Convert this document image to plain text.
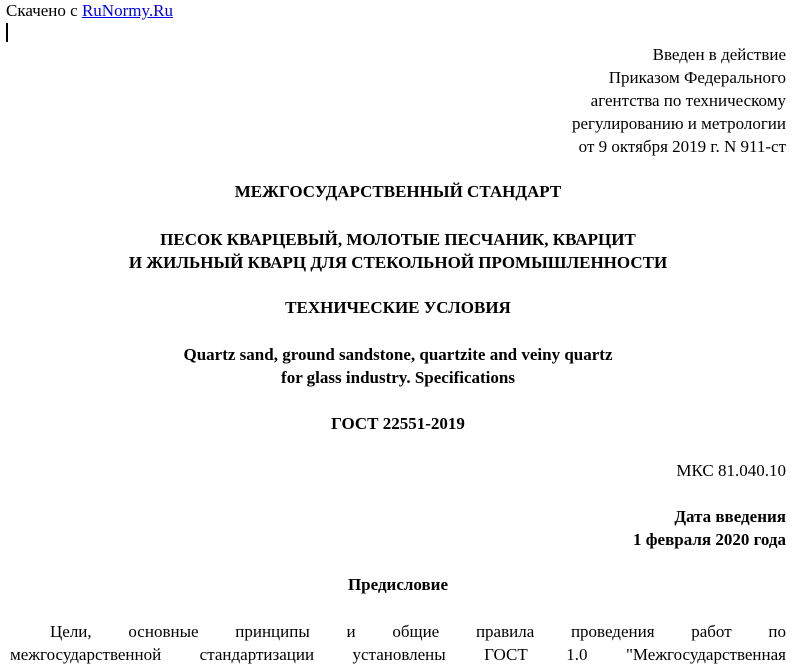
Скачено с RuNormy.Ru
Введен в действие
Приказом Федерального
агентства по техническому
регулированию и метрологии
от 9 октября 2019 г. N 911-ст
МЕЖГОСУДАРСТВЕННЫЙ СТАНДАРТ
ПЕСОК КВАРЦЕВЫЙ, МОЛОТЫЕ ПЕСЧАНИК, КВАРЦИТ
И ЖИЛЬНЫЙ КВАРЦ ДЛЯ СТЕКОЛЬНОЙ ПРОМЫШЛЕННОСТИ
ТЕХНИЧЕСКИЕ УСЛОВИЯ
Quartz sand, ground sandstone, quartzite and veiny quartz
for glass industry. Specifications
ГОСТ 22551-2019
МКС 81.040.10
Дата введения
1 февраля 2020 года
Предисловие
Цели, основные принципы и общие правила проведения работ по
межгосударственной стандартизации установлены ГОСТ 1.0 "Межгосударственная
